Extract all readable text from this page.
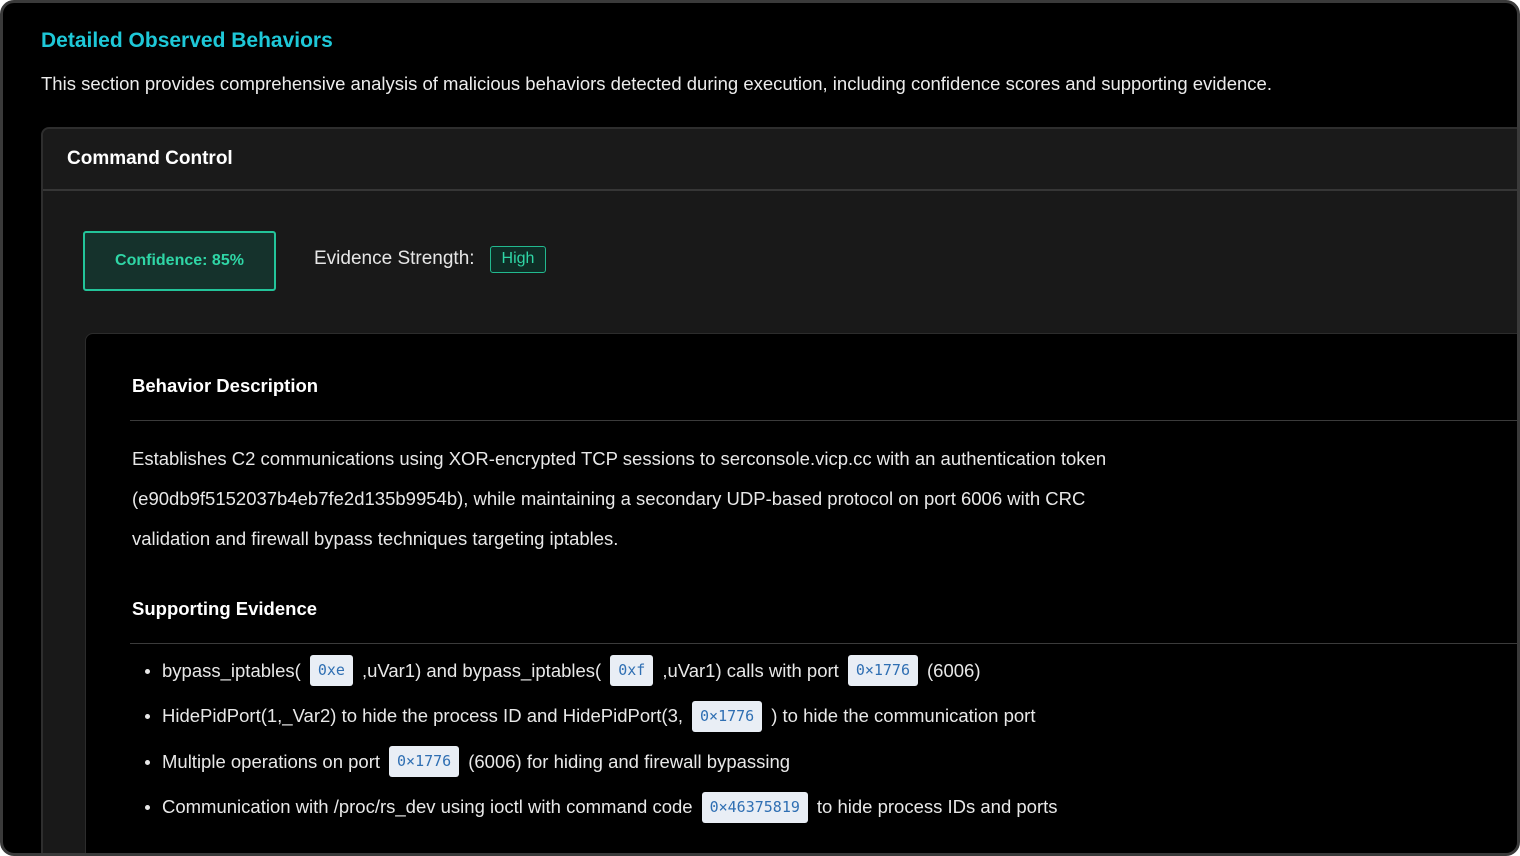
Detailed Observed Behaviors

This section provides comprehensive analysis of malicious behaviors detected during execution, including confidence scores and supporting evidence.

Command Control
Confidence: 85%	Evidence Strength:	High
Behavior Description

Establishes C2 communications using XOR-encrypted TCP sessions to serconsole.vicp.cc with an authentication token

(e90db9f5152037b4eb7fe2d135b9954b), while maintaining a secondary UDP-based protocol on port 6006 with CRC

validation and firewall bypass techniques targeting iptables.

Supporting Evidence
bypass_iptables(	0xe ,uVar1) and bypass_iptables(	0xf ,uVar1) calls with port	0×1776 (6006)
HidePidPort(1,_Var2) to hide the process ID and HidePidPort(3,	0×1776 ) to hide the communication port
Multiple operations on port	0×1776 (6006) for hiding and firewall bypassing
Communication with /proc/rs_dev using ioctl with command code	0×46375819 to hide process IDs and ports
